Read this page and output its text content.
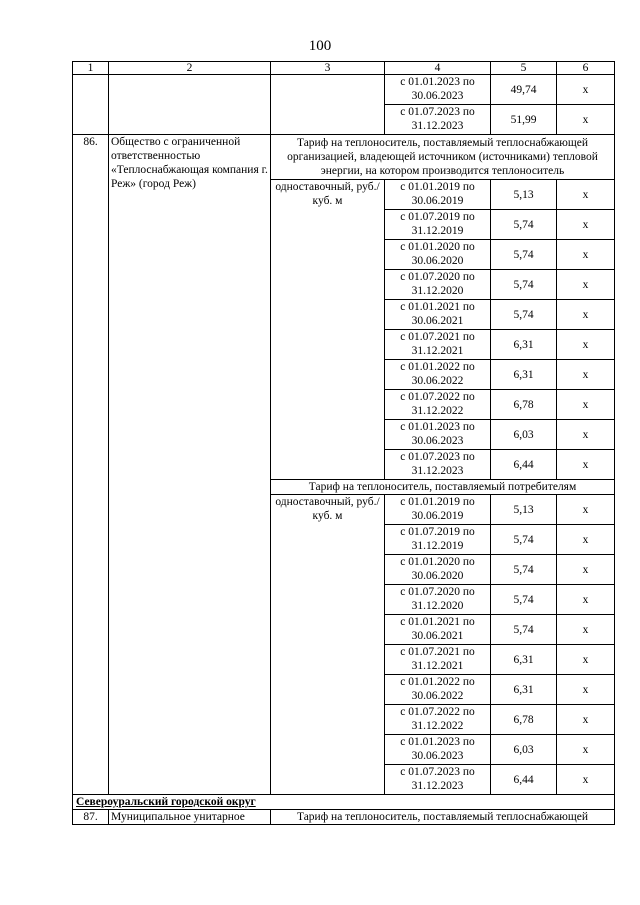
100
1	2	3	4	5	6
			с 01.01.2023 по 30.06.2023	49,74	х
			с 01.07.2023 по 31.12.2023	51,99	х
86.	Общество с ограниченной ответственностью «Теплоснабжающая компания г. Реж» (город Реж)	Тариф на теплоноситель, поставляемый теплоснабжающей организацией, владеющей источником (источниками) тепловой энергии, на котором производится теплоноситель			
		одноставочный, руб./куб. м	с 01.01.2019 по 30.06.2019	5,13	х
			с 01.07.2019 по 31.12.2019	5,74	х
			с 01.01.2020 по 30.06.2020	5,74	х
			с 01.07.2020 по 31.12.2020	5,74	х
			с 01.01.2021 по 30.06.2021	5,74	х
			с 01.07.2021 по 31.12.2021	6,31	х
			с 01.01.2022 по 30.06.2022	6,31	х
			с 01.07.2022 по 31.12.2022	6,78	х
			с 01.01.2023 по 30.06.2023	6,03	х
			с 01.07.2023 по 31.12.2023	6,44	х
		Тариф на теплоноситель, поставляемый потребителям			
		одноставочный, руб./куб. м	с 01.01.2019 по 30.06.2019	5,13	х
			с 01.07.2019 по 31.12.2019	5,74	х
			с 01.01.2020 по 30.06.2020	5,74	х
			с 01.07.2020 по 31.12.2020	5,74	х
			с 01.01.2021 по 30.06.2021	5,74	х
			с 01.07.2021 по 31.12.2021	6,31	х
			с 01.01.2022 по 30.06.2022	6,31	х
			с 01.07.2022 по 31.12.2022	6,78	х
			с 01.01.2023 по 30.06.2023	6,03	х
			с 01.07.2023 по 31.12.2023	6,44	х
Североуральский городской округ					
87.	Муниципальное унитарное	Тариф на теплоноситель, поставляемый теплоснабжающей			
